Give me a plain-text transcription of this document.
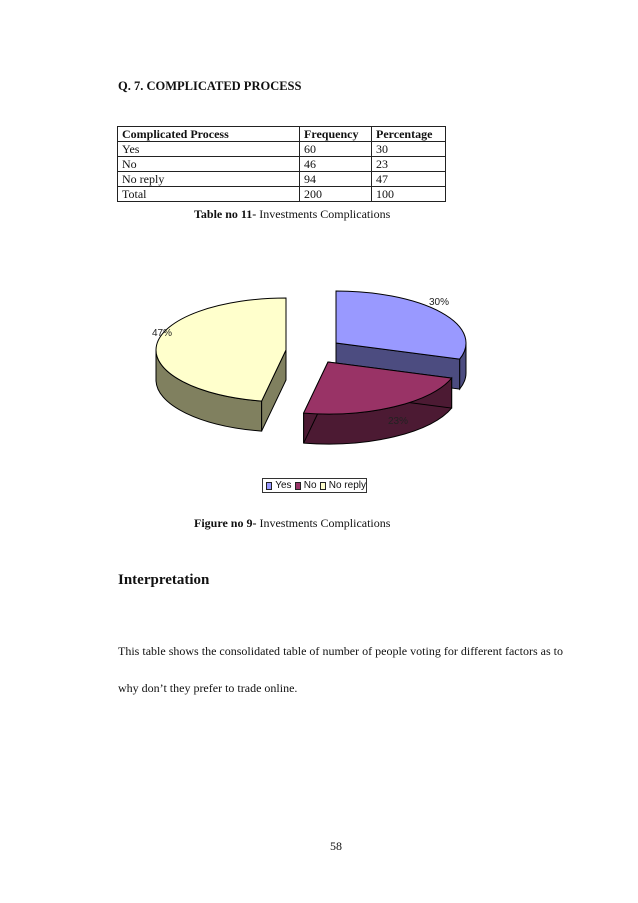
Q. 7. COMPLICATED PROCESS
Complicated Process	Frequency	Percentage
Yes	60	30
No	46	23
No reply	94	47
Total	200	100
Table no 11- Investments Complications
30%
23%
47%
Yes No No reply
Figure no 9- Investments Complications
Interpretation
This table shows the consolidated table of number of people voting for different factors as to why don’t they prefer to trade online.
58
